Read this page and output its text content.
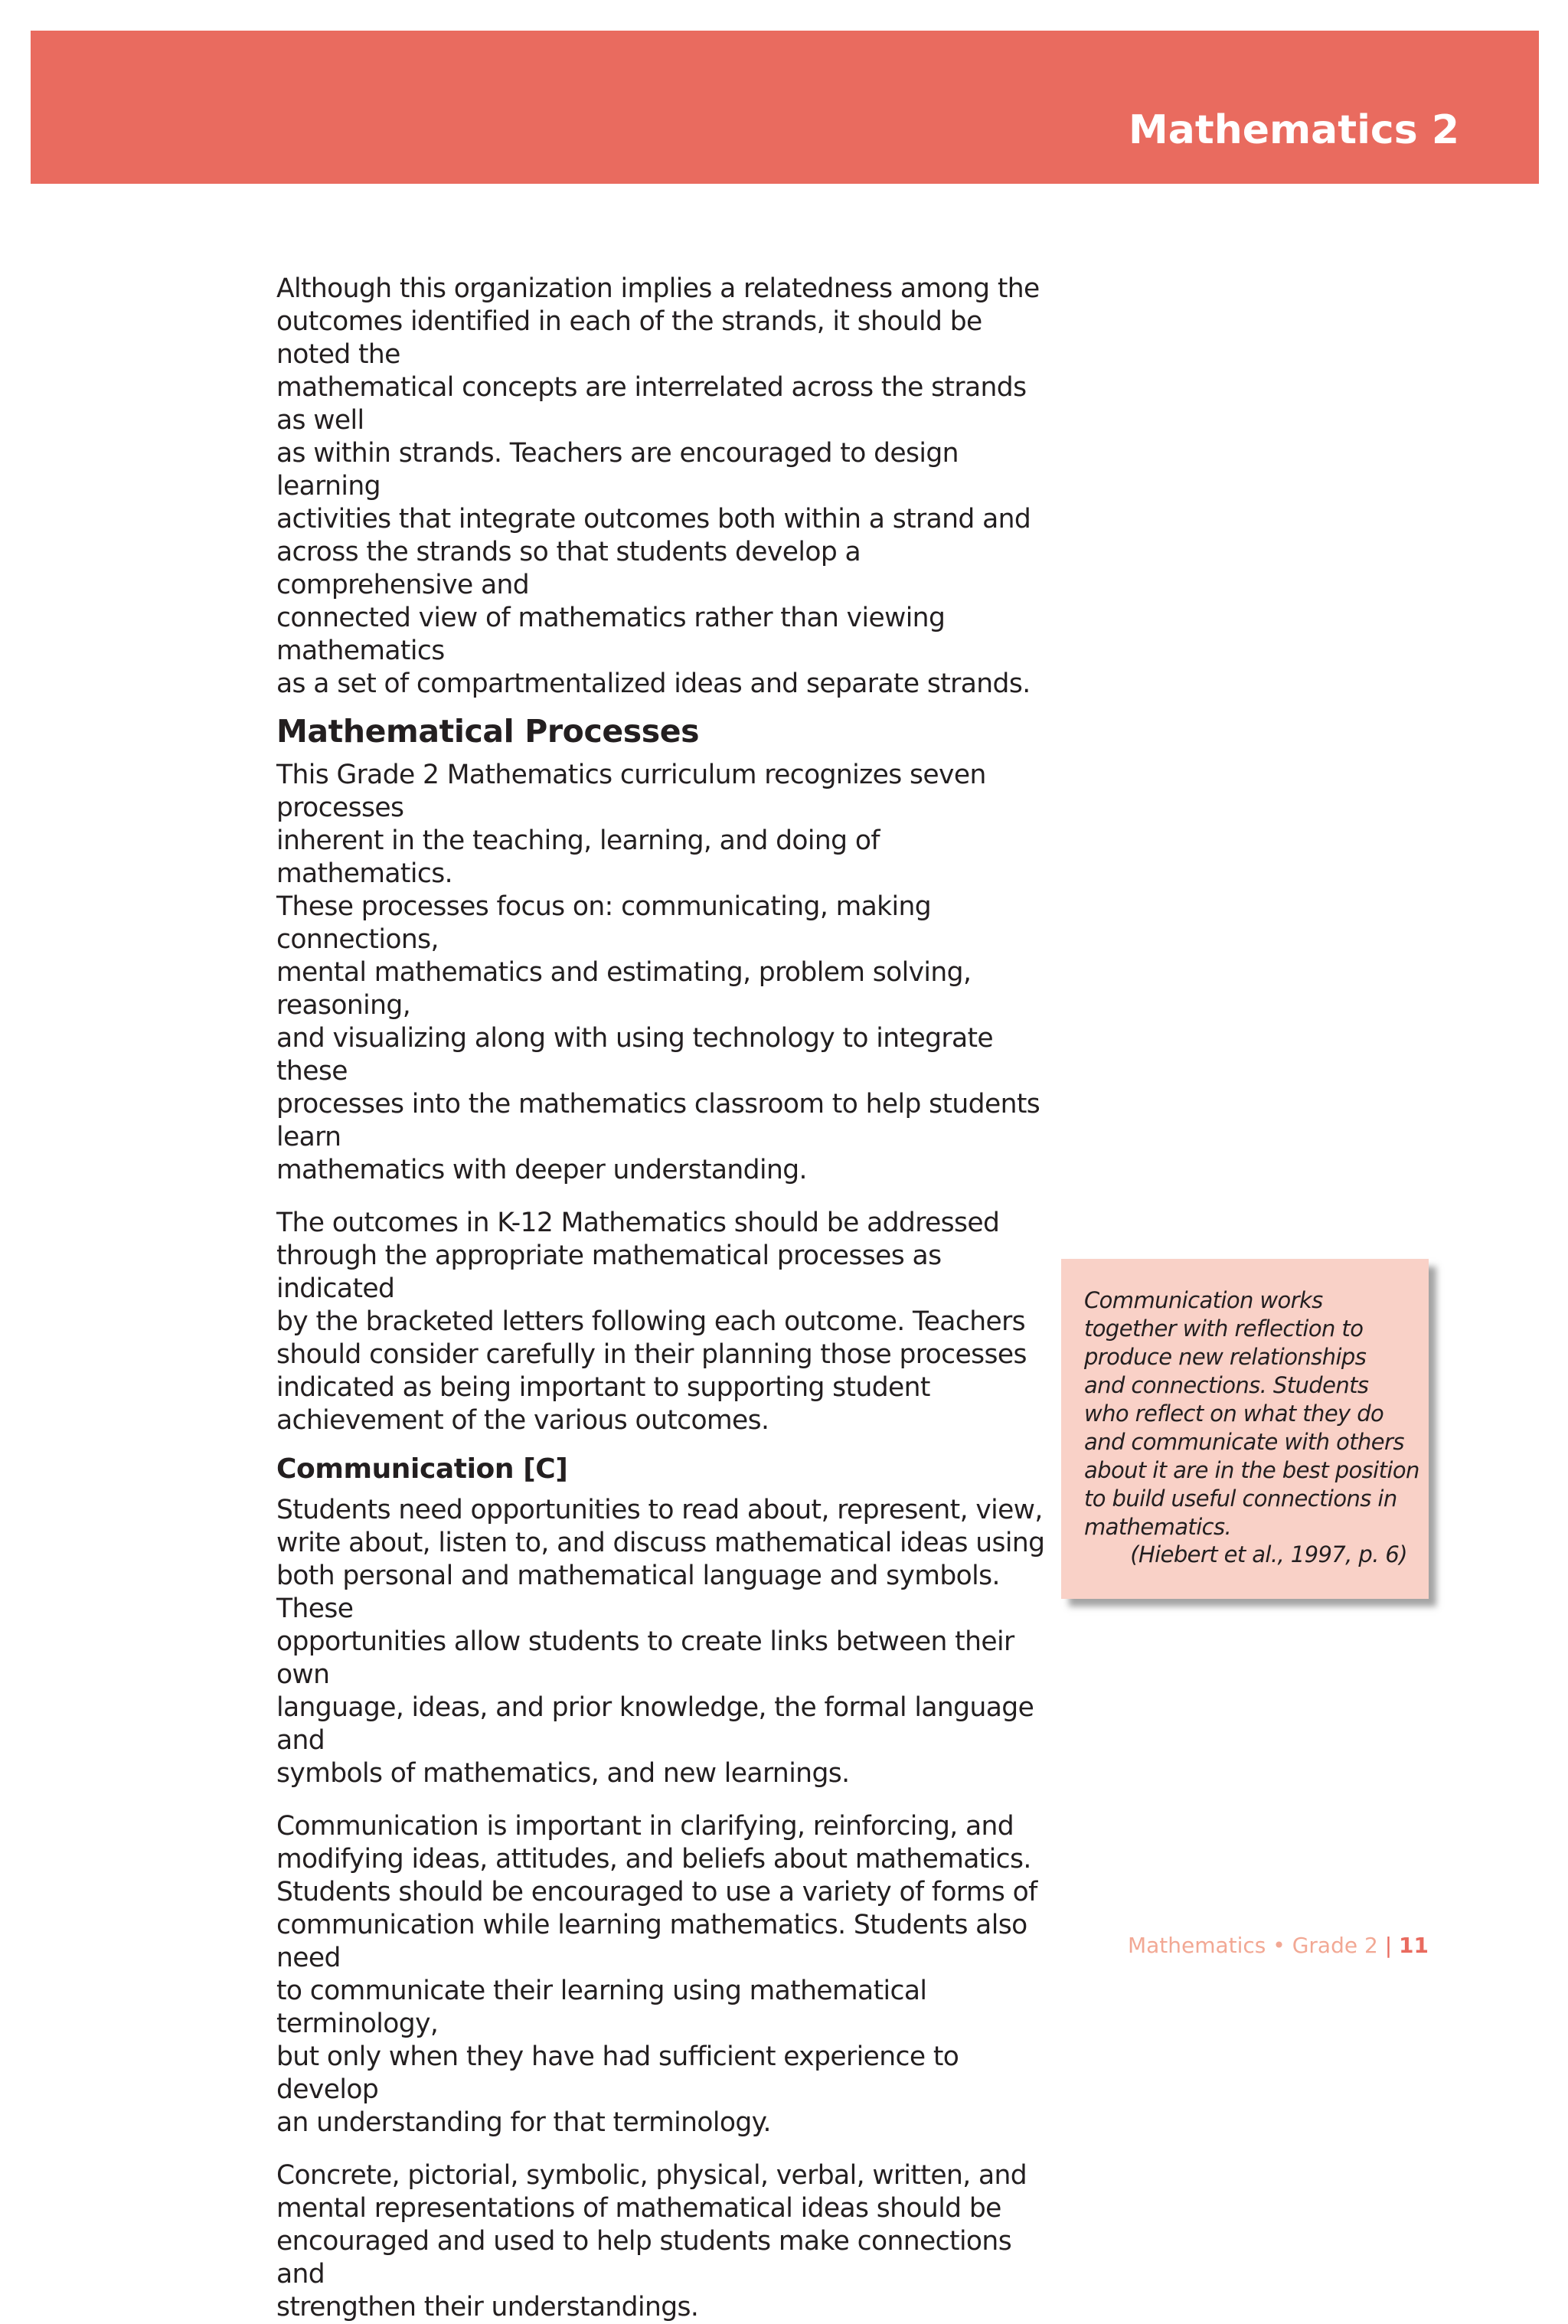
Mathematics 2

Although this organization implies a relatedness among the
outcomes identified in each of the strands, it should be noted the
mathematical concepts are interrelated across the strands as well
as within strands. Teachers are encouraged to design learning
activities that integrate outcomes both within a strand and
across the strands so that students develop a comprehensive and
connected view of mathematics rather than viewing mathematics
as a set of compartmentalized ideas and separate strands.

Mathematical Processes

This Grade 2 Mathematics curriculum recognizes seven processes
inherent in the teaching, learning, and doing of mathematics.
These processes focus on: communicating, making connections,
mental mathematics and estimating, problem solving, reasoning,
and visualizing along with using technology to integrate these
processes into the mathematics classroom to help students learn
mathematics with deeper understanding.

The outcomes in K-12 Mathematics should be addressed
through the appropriate mathematical processes as indicated
by the bracketed letters following each outcome. Teachers
should consider carefully in their planning those processes
indicated as being important to supporting student
achievement of the various outcomes.

Communication [C]

Students need opportunities to read about, represent, view,
write about, listen to, and discuss mathematical ideas using
both personal and mathematical language and symbols. These
opportunities allow students to create links between their own
language, ideas, and prior knowledge, the formal language and
symbols of mathematics, and new learnings.

Communication is important in clarifying, reinforcing, and
modifying ideas, attitudes, and beliefs about mathematics.
Students should be encouraged to use a variety of forms of
communication while learning mathematics. Students also need
to communicate their learning using mathematical terminology,
but only when they have had sufficient experience to develop
an understanding for that terminology.

Concrete, pictorial, symbolic, physical, verbal, written, and
mental representations of mathematical ideas should be
encouraged and used to help students make connections and
strengthen their understandings.

Communication works
together with reflection to
produce new relationships
and connections. Students
who reflect on what they do
and communicate with others
about it are in the best position
to build useful connections in
mathematics.
(Hiebert et al., 1997, p. 6)
Mathematics • Grade 2 | 11
